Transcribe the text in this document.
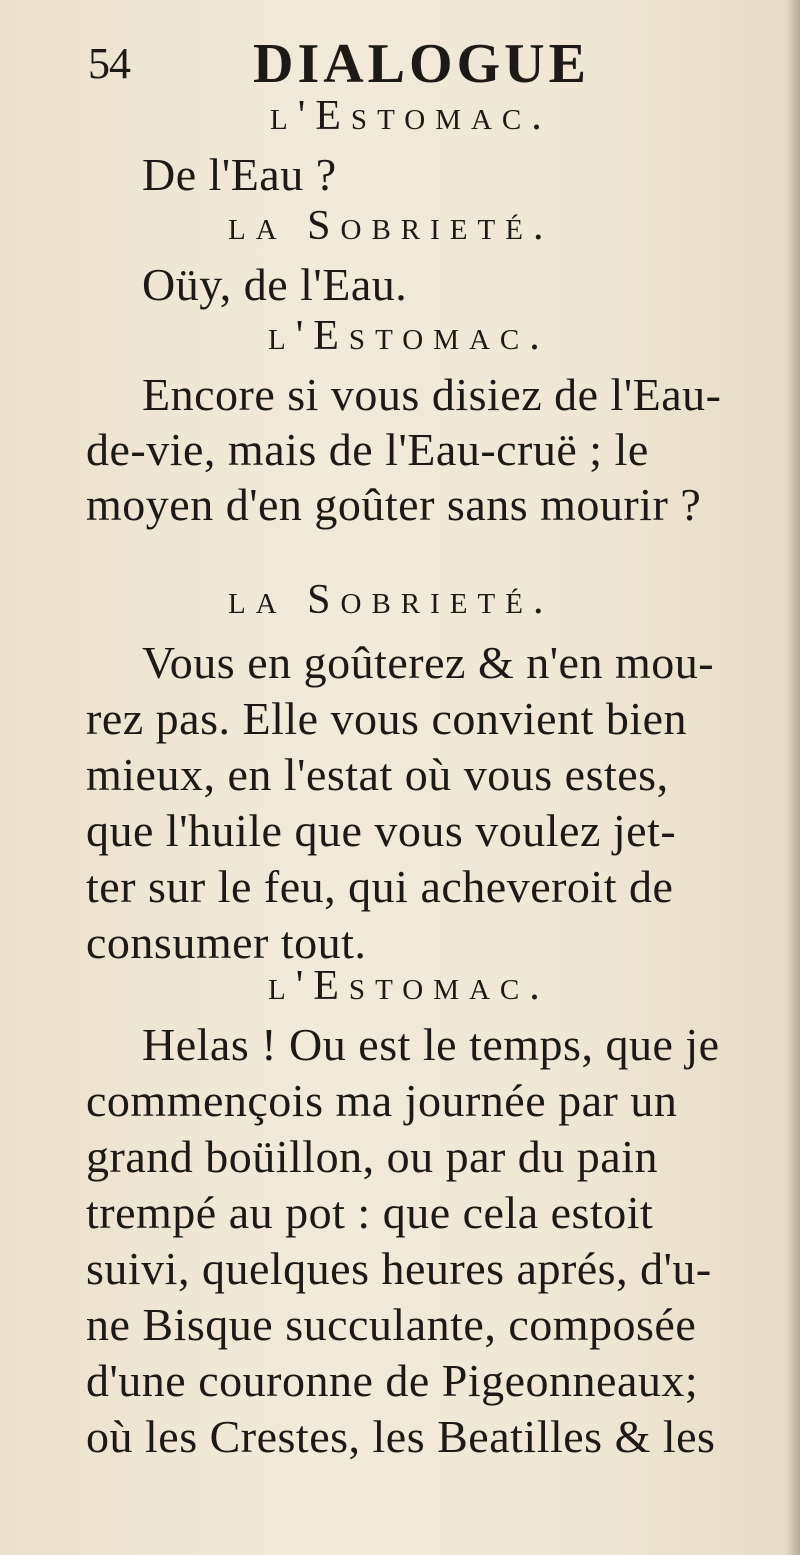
54 DIALOGUE
l'Estomac.
De l'Eau ?
la Sobrieté.
Oüy, de l'Eau.
l'Estomac.
Encore si vous disiez de l'Eau-
de-vie, mais de l'Eau-cruë ; le
moyen d'en goûter sans mourir ?
la Sobrieté.
Vous en goûterez & n'en mou-
rez pas. Elle vous convient bien
mieux, en l'estat où vous estes,
que l'huile que vous voulez jet-
ter sur le feu, qui acheveroit de
consumer tout.
l'Estomac.
Helas ! Ou est le temps, que je
commençois ma journée par un
grand boüillon, ou par du pain
trempé au pot : que cela estoit
suivi, quelques heures aprés, d'u-
ne Bisque succulante, composée
d'une couronne de Pigeonneaux;
où les Crestes, les Beatilles & les
